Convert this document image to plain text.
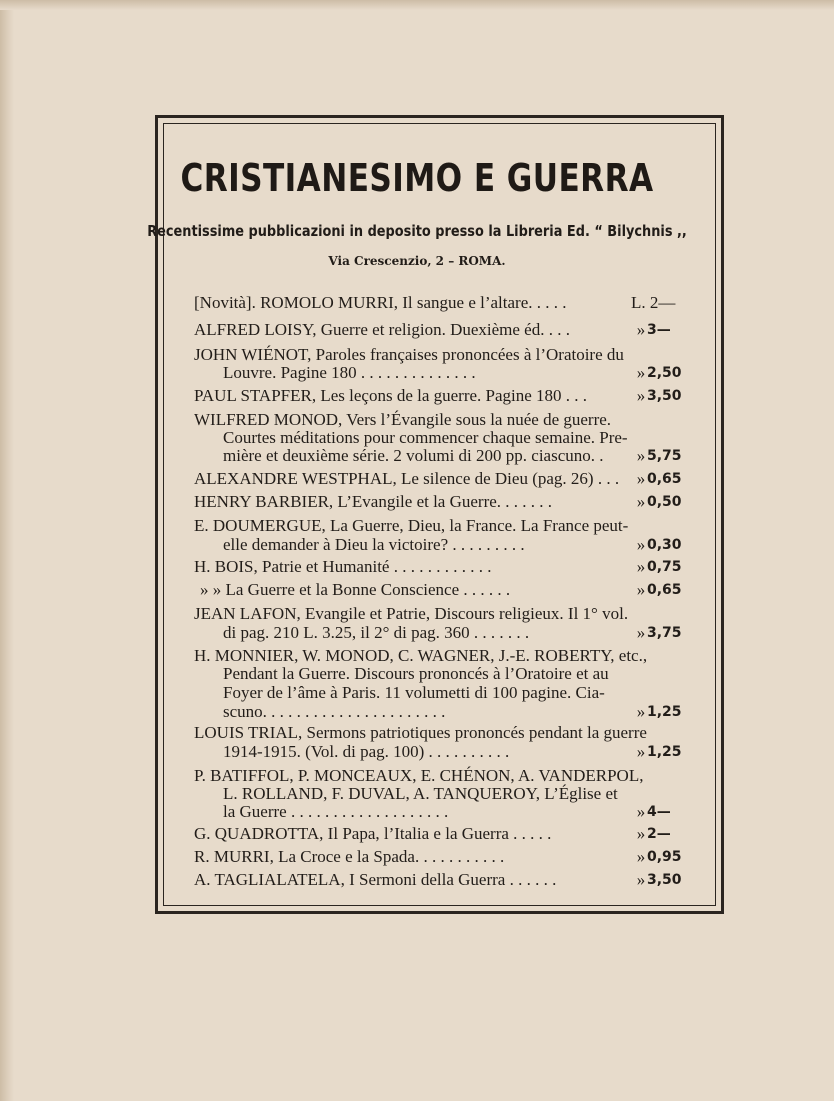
CRISTIANESIMO E GUERRA
Recentissime pubblicazioni in deposito presso la Libreria Ed. “ Bilychnis ,,
Via Crescenzio, 2 – ROMA.
[Novità]. ROMOLO MURRI, Il sangue e l’altare. . . . .	L. 2—
ALFRED LOISY, Guerre et religion. Duexième éd. . . .	» 3—
JOHN WIÉNOT, Paroles françaises prononcées à l’Oratoire du
Louvre. Pagine 180 . . . . . . . . . . . . . .	» 2,50
PAUL STAPFER, Les leçons de la guerre. Pagine 180 . . .	» 3,50
WILFRED MONOD, Vers l’Évangile sous la nuée de guerre.
Courtes méditations pour commencer chaque semaine. Pre-
mière et deuxième série. 2 volumi di 200 pp. ciascuno. . » 5,75
ALEXANDRE WESTPHAL, Le silence de Dieu (pag. 26) . . . » 0,65
HENRY BARBIER, L’Evangile et la Guerre. . . . . . .	» 0,50
E. DOUMERGUE, La Guerre, Dieu, la France. La France peut-
elle demander à Dieu la victoire? . . . . . . . . .	» 0,30
H. BOIS, Patrie et Humanité . . . . . . . . . . . .	» 0,75
» » La Guerre et la Bonne Conscience . . . . . .	» 0,65
JEAN LAFON, Evangile et Patrie, Discours religieux. Il 1° vol.
di pag. 210 L. 3.25, il 2° di pag. 360 . . . . . . .	» 3,75
H. MONNIER, W. MONOD, C. WAGNER, J.-E. ROBERTY, etc.,
Pendant la Guerre. Discours prononcés à l’Oratoire et au
Foyer de l’âme à Paris. 11 volumetti di 100 pagine. Cia-
scuno. . . . . . . . . . . . . . . . . . . . . .	» 1,25
LOUIS TRIAL, Sermons patriotiques prononcés pendant la guerre
1914-1915. (Vol. di pag. 100) . . . . . . . . . .	» 1,25
P. BATIFFOL, P. MONCEAUX, E. CHÉNON, A. VANDERPOL,
L. ROLLAND, F. DUVAL, A. TANQUEROY, L’Église et
la Guerre . . . . . . . . . . . . . . . . . . .	» 4—
G. QUADROTTA, Il Papa, l’Italia e la Guerra . . . . .	» 2—
R. MURRI, La Croce e la Spada. . . . . . . . . . .	» 0,95
A. TAGLIALATELA, I Sermoni della Guerra . . . . . .	» 3,50
